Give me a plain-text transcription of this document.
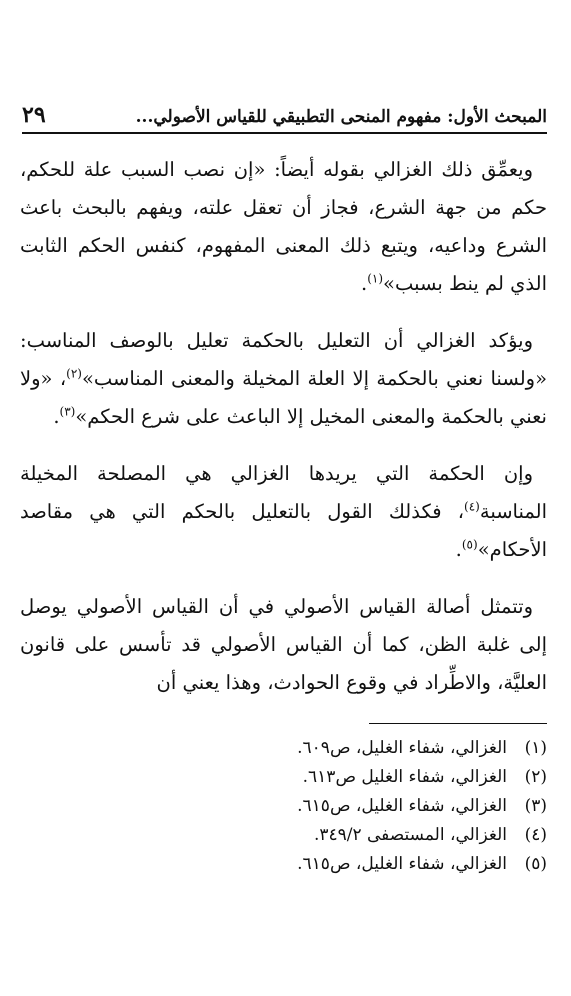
٢٩	المبحث الأول: مفهوم المنحى التطبيقي للقياس الأصولي...

ويعمِّق ذلك الغزالي بقوله أيضاً: «إن نصب السبب علة للحكم، حكم من جهة الشرع، فجاز أن تعقل علته، ويفهم بالبحث باعث الشرع وداعيه، ويتبع ذلك المعنى المفهوم، كنفس الحكم الثابت الذي لم ينط بسبب»$^{(١)}$.

ويؤكد الغزالي أن التعليل بالحكمة تعليل بالوصف المناسب: «ولسنا نعني بالحكمة إلا العلة المخيلة والمعنى المناسب»$^{(٢)}$، «ولا نعني بالحكمة والمعنى المخيل إلا الباعث على شرع الحكم»$^{(٣)}$.

وإن الحكمة التي يريدها الغزالي هي المصلحة المخيلة المناسبة$^{(٤)}$، فكذلك القول بالتعليل بالحكم التي هي مقاصد الأحكام»$^{(٥)}$.

وتتمثل أصالة القياس الأصولي في أن القياس الأصولي يوصل إلى غلبة الظن، كما أن القياس الأصولي قد تأسس على قانون العليَّة، والاطِّراد في وقوع الحوادث، وهذا يعني أن

(١)
الغزالي، شفاء الغليل، ص٦٠٩.
(٢)
الغزالي، شفاء الغليل ص٦١٣.
(٣)
الغزالي، شفاء الغليل، ص٦١٥.
(٤)
الغزالي، المستصفى ٣٤٩/٢.
(٥)
الغزالي، شفاء الغليل، ص٦١٥.
